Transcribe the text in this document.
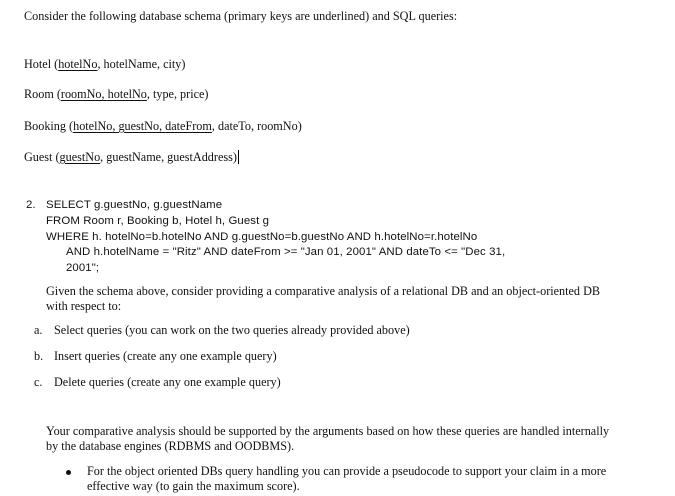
Consider the following database schema (primary keys are underlined) and SQL queries:
Hotel (hotelNo, hotelName, city)
Room (roomNo, hotelNo, type, price)
Booking (hotelNo, guestNo, dateFrom, dateTo, roomNo)
Guest (guestNo, guestName, guestAddress)
2. SELECT g.guestNo, g.guestName
FROM Room r, Booking b, Hotel h, Guest g
WHERE h. hotelNo=b.hotelNo AND g.guestNo=b.guestNo AND h.hotelNo=r.hotelNo
AND h.hotelName = "Ritz" AND dateFrom >= "Jan 01, 2001" AND dateTo <= "Dec 31,
2001";
Given the schema above, consider providing a comparative analysis of a relational DB and an object-oriented DB
with respect to:
a. Select queries (you can work on the two queries already provided above)
b. Insert queries (create any one example query)
c. Delete queries (create any one example query)
Your comparative analysis should be supported by the arguments based on how these queries are handled internally
by the database engines (RDBMS and OODBMS).
For the object oriented DBs query handling you can provide a pseudocode to support your claim in a more
effective way (to gain the maximum score).
